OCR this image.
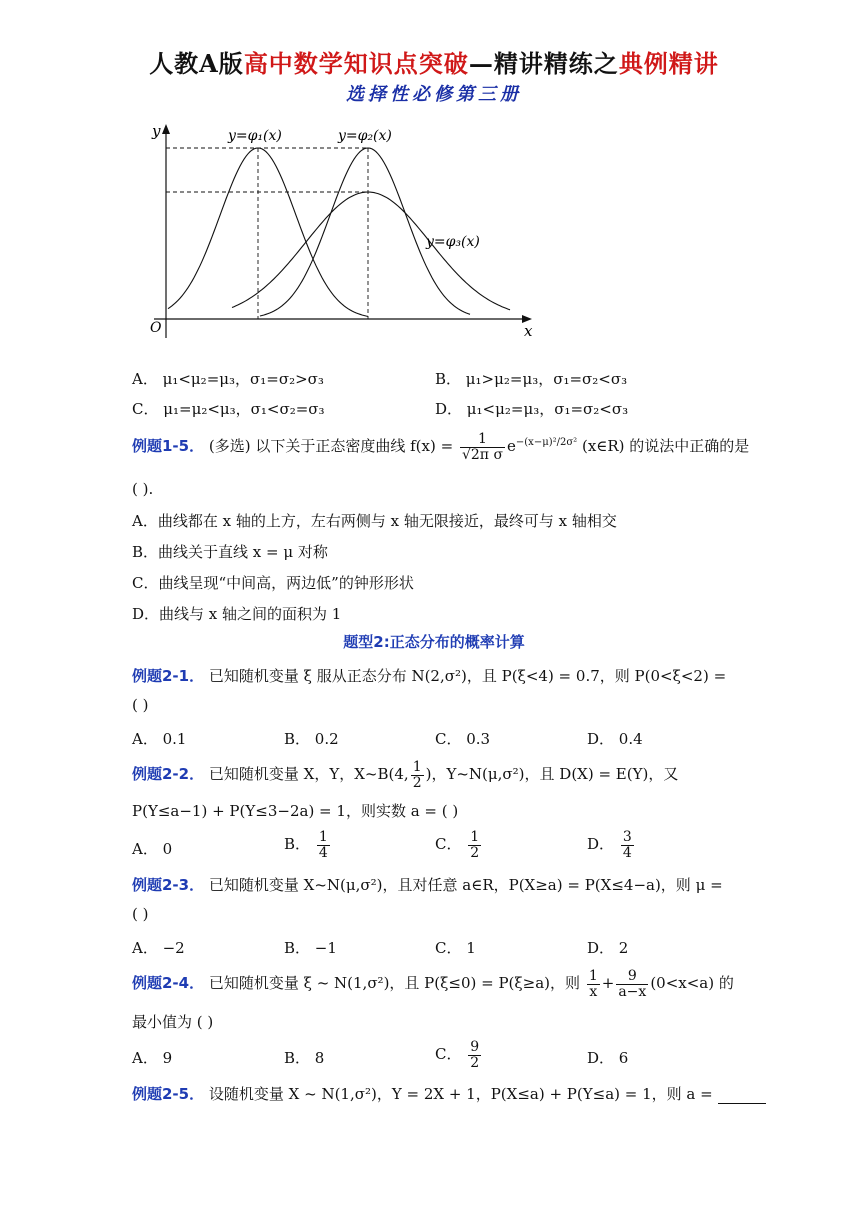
人教A版高中数学知识点突破—精讲精练之典例精讲
选择性必修第三册
y
x
O
y=φ₁(x)	y=φ₂(x)
y=φ₃(x)
A． μ₁<μ₂=μ₃，σ₁=σ₂>σ₃	B． μ₁>μ₂=μ₃，σ₁=σ₂<σ₃
C． μ₁=μ₂<μ₃，σ₁<σ₂=σ₃	D． μ₁<μ₂=μ₃，σ₁=σ₂<σ₃
例题1-5． (多选) 以下关于正态密度曲线 $f(x) = \frac{1}{\text{√2π σ}} e^{-(x-\mu)^2/2\sigma^2}$ (x∈R) 的说法中正确的是
( ).
A．曲线都在 x 轴的上方，左右两侧与 x 轴无限接近，最终可与 x 轴相交
B．曲线关于直线 x = μ 对称
C．曲线呈现“中间高，两边低”的钟形形状
D．曲线与 x 轴之间的面积为 1
题型2:正态分布的概率计算
例题2-1． 已知随机变量 ξ 服从正态分布 N(2,σ²)，且 P(ξ<4) = 0.7，则 P(0<ξ<2) =
( )
A． 0.1	B． 0.2	C． 0.3	D． 0.4
例题2-2． 已知随机变量 X，Y，X~B(4, $\frac{1}{2}$ )，Y~N(μ,σ²)，且 D(X) = E(Y)，又
P(Y≤a−1) + P(Y≤3−2a) = 1，则实数 a = ( )
A． 0	B． $\frac{1}{4}$	C． $\frac{1}{2}$	D． $\frac{3}{4}$
例题2-3． 已知随机变量 X~N(μ,σ²)，且对任意 a∈R，P(X≥a) = P(X≤4−a)，则 μ =
( )
A． −2	B． −1	C． 1	D． 2
例题2-4． 已知随机变量 ξ ~ N(1,σ²)，且 P(ξ≤0) = P(ξ≥a)，则 $\frac{1}{x} + \frac{9}{a-x} (0<x<a)$ 的
最小值为 ( )
A． 9	B． 8	C． $\frac{9}{2}$	D． 6
例题2-5． 设随机变量 X ~ N(1,σ²)，Y = 2X + 1，P(X≤a) + P(Y≤a) = 1，则 a =
